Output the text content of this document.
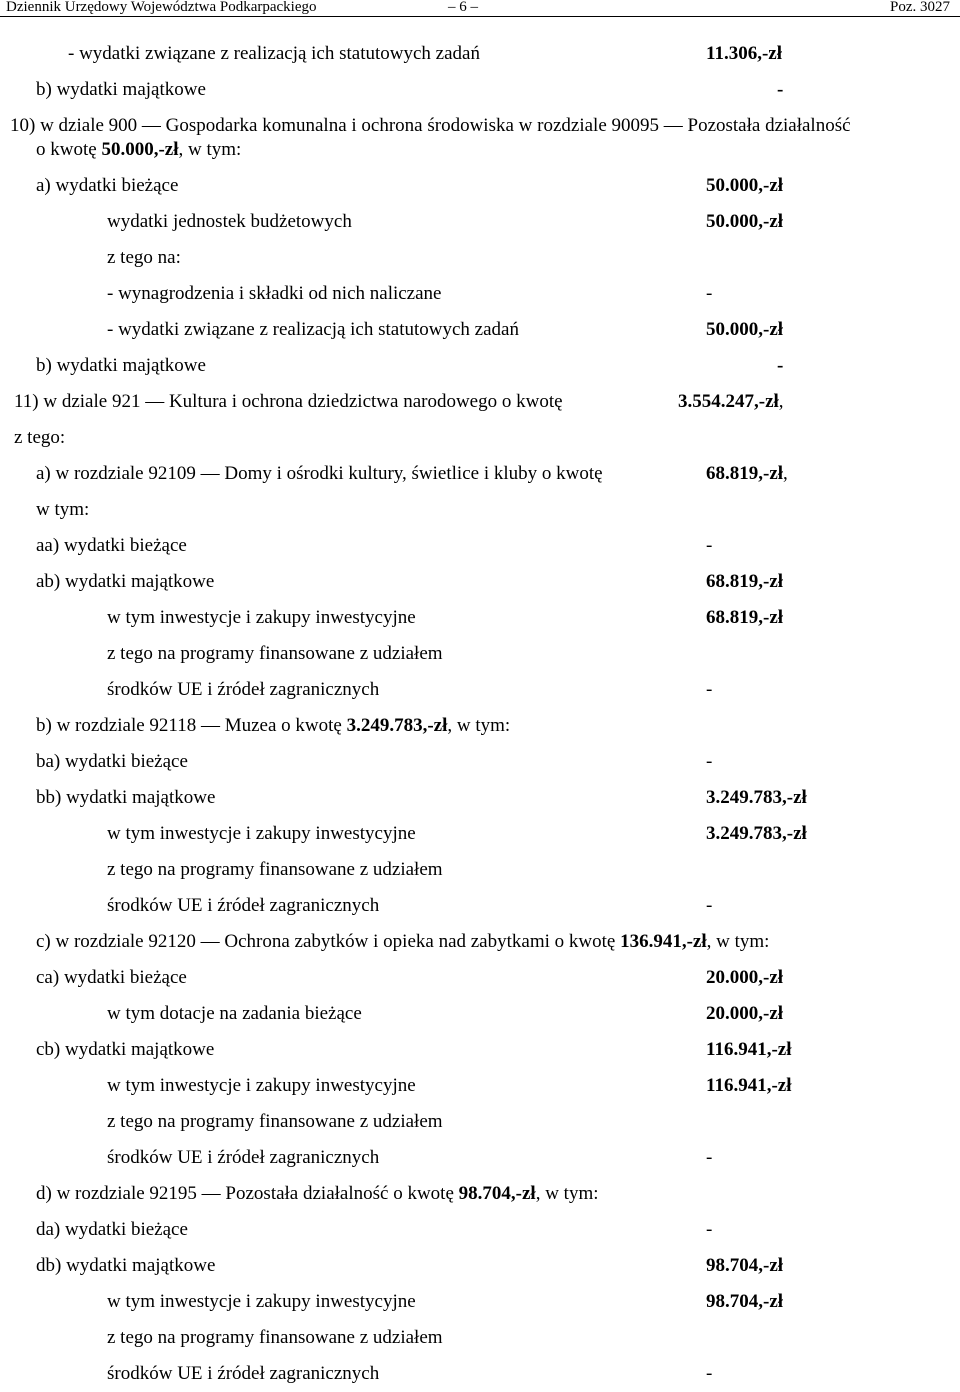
Dziennik Urzędowy Województwa Podkarpackiego	– 6 –	Poz. 3027
- wydatki związane z realizacją ich statutowych zadań	11.306,-zł
b) wydatki majątkowe	-
10) w dziale 900 — Gospodarka komunalna i ochrona środowiska w rozdziale 90095 — Pozostała działalność
o kwotę 50.000,-zł, w tym:
a) wydatki bieżące	50.000,-zł
wydatki jednostek budżetowych	50.000,-zł
z tego na:
- wynagrodzenia i składki od nich naliczane	-
- wydatki związane z realizacją ich statutowych zadań	50.000,-zł
b) wydatki majątkowe	-
11) w dziale 921 — Kultura i ochrona dziedzictwa narodowego o kwotę	3.554.247,-zł,
z tego:
a) w rozdziale 92109 — Domy i ośrodki kultury, świetlice i kluby o kwotę	68.819,-zł,
w tym:
aa) wydatki bieżące	-
ab) wydatki majątkowe	68.819,-zł
w tym inwestycje i zakupy inwestycyjne	68.819,-zł
z tego na programy finansowane z udziałem
środków UE i źródeł zagranicznych	-
b) w rozdziale 92118 — Muzea o kwotę 3.249.783,-zł, w tym:
ba) wydatki bieżące	-
bb) wydatki majątkowe	3.249.783,-zł
w tym inwestycje i zakupy inwestycyjne	3.249.783,-zł
z tego na programy finansowane z udziałem
środków UE i źródeł zagranicznych	-
c) w rozdziale 92120 — Ochrona zabytków i opieka nad zabytkami o kwotę 136.941,-zł, w tym:
ca) wydatki bieżące	20.000,-zł
w tym dotacje na zadania bieżące	20.000,-zł
cb) wydatki majątkowe	116.941,-zł
w tym inwestycje i zakupy inwestycyjne	116.941,-zł
z tego na programy finansowane z udziałem
środków UE i źródeł zagranicznych	-
d) w rozdziale 92195 — Pozostała działalność o kwotę 98.704,-zł, w tym:
da) wydatki bieżące	-
db) wydatki majątkowe	98.704,-zł
w tym inwestycje i zakupy inwestycyjne	98.704,-zł
z tego na programy finansowane z udziałem
środków UE i źródeł zagranicznych	-
